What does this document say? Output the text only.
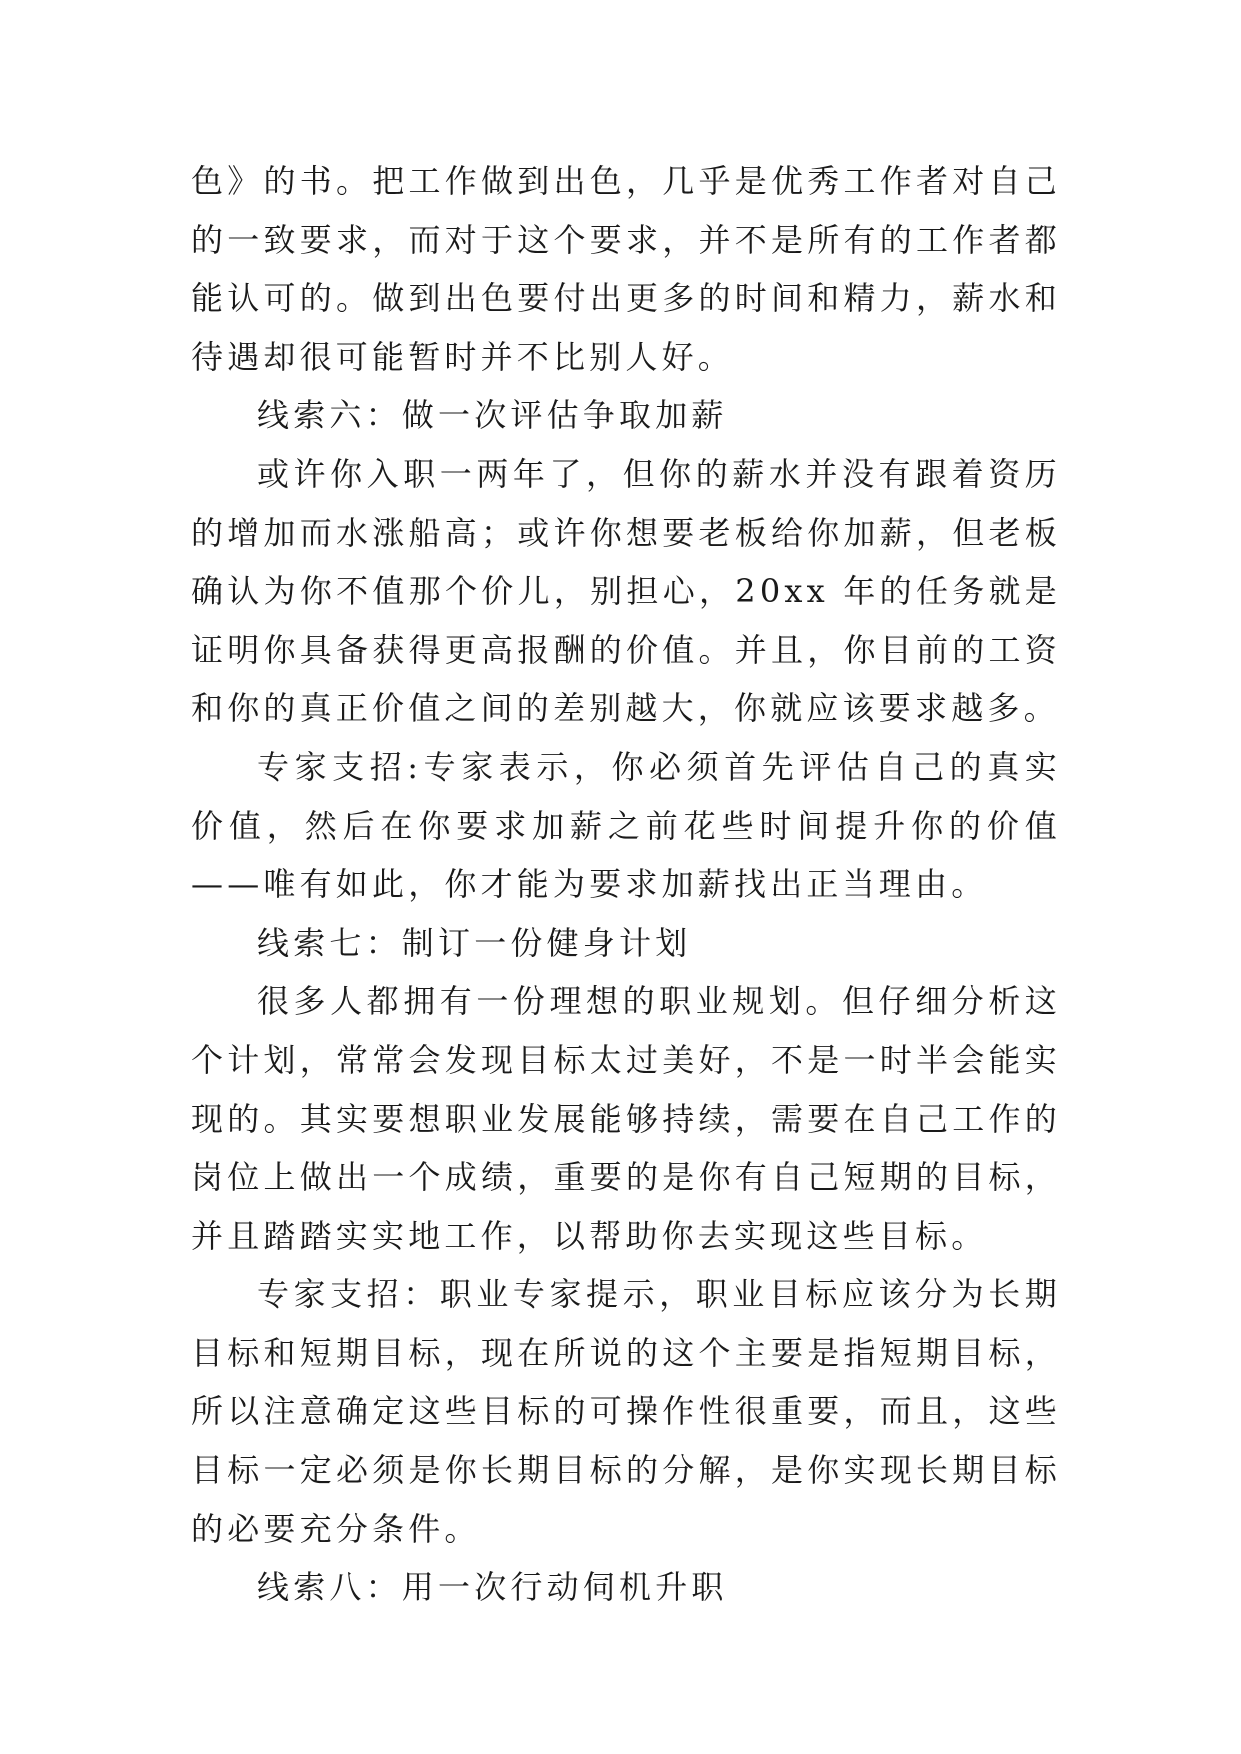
色》的书。把工作做到出色，几乎是优秀工作者对自己的一致要求，而对于这个要求，并不是所有的工作者都能认可的。做到出色要付出更多的时间和精力，薪水和待遇却很可能暂时并不比别人好。

线索六：做一次评估争取加薪

或许你入职一两年了，但你的薪水并没有跟着资历的增加而水涨船高；或许你想要老板给你加薪，但老板确认为你不值那个价儿，别担心，20xx 年的任务就是证明你具备获得更高报酬的价值。并且，你目前的工资和你的真正价值之间的差别越大，你就应该要求越多。

专家支招:专家表示，你必须首先评估自己的真实价值，然后在你要求加薪之前花些时间提升你的价值——唯有如此，你才能为要求加薪找出正当理由。

线索七：制订一份健身计划

很多人都拥有一份理想的职业规划。但仔细分析这个计划，常常会发现目标太过美好，不是一时半会能实现的。其实要想职业发展能够持续，需要在自己工作的岗位上做出一个成绩，重要的是你有自己短期的目标，并且踏踏实实地工作，以帮助你去实现这些目标。

专家支招：职业专家提示，职业目标应该分为长期目标和短期目标，现在所说的这个主要是指短期目标，所以注意确定这些目标的可操作性很重要，而且，这些目标一定必须是你长期目标的分解，是你实现长期目标的必要充分条件。

线索八：用一次行动伺机升职
